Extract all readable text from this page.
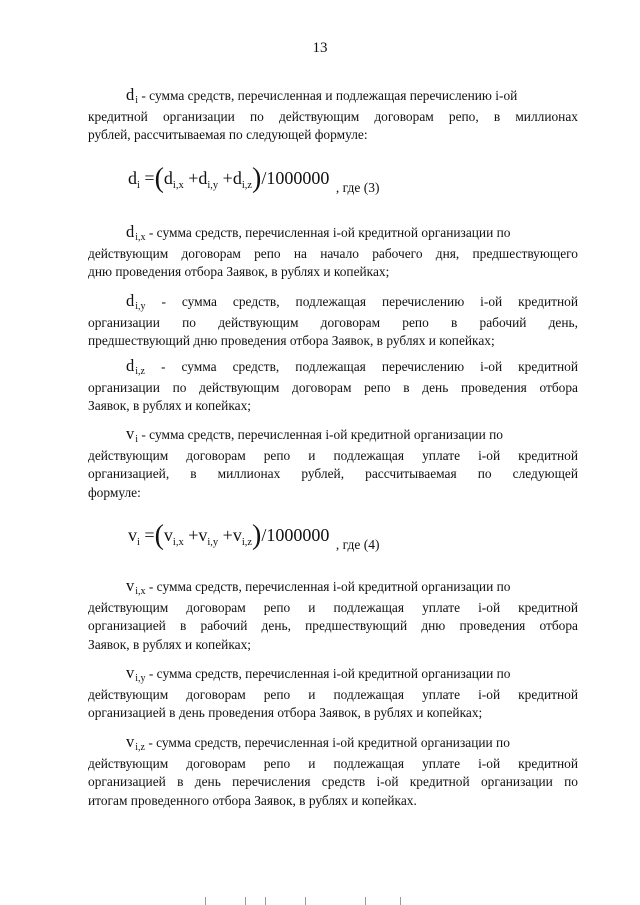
13
$d_i$ - сумма средств, перечисленная и подлежащая перечислению i-ой
кредитной организации по действующим договорам репо, в миллионах
рублей, рассчитываемая по следующей формуле:
$d_i =(d_{i,x} +d_{i,y} +d_{i,z})/1000000$ $_{, где (3)}$
$d_{i,x}$ - сумма средств, перечисленная i-ой кредитной организации по
действующим договорам репо на начало рабочего дня, предшествующего
дню проведения отбора Заявок, в рублях и копейках;
$d_{i,y}$ - сумма средств, подлежащая перечислению i-ой кредитной
организации по действующим договорам репо в рабочий день,
предшествующий дню проведения отбора Заявок, в рублях и копейках;
$d_{i,z}$ - сумма средств, подлежащая перечислению i-ой кредитной
организации по действующим договорам репо в день проведения отбора
Заявок, в рублях и копейках;
$v_i$ - сумма средств, перечисленная i-ой кредитной организации по
действующим договорам репо и подлежащая уплате i-ой кредитной
организацией, в миллионах рублей, рассчитываемая по следующей
формуле:
$v_i =(v_{i,x} +v_{i,y} +v_{i,z})/1000000$ $_{, где (4)}$
$v_{i,x}$ - сумма средств, перечисленная i-ой кредитной организации по
действующим договорам репо и подлежащая уплате i-ой кредитной
организацией в рабочий день, предшествующий дню проведения отбора
Заявок, в рублях и копейках;
$v_{i,y}$ - сумма средств, перечисленная i-ой кредитной организации по
действующим договорам репо и подлежащая уплате i-ой кредитной
организацией в день проведения отбора Заявок, в рублях и копейках;
$v_{i,z}$ - сумма средств, перечисленная i-ой кредитной организации по
действующим договорам репо и подлежащая уплате i-ой кредитной
организацией в день перечисления средств i-ой кредитной организации по
итогам проведенного отбора Заявок, в рублях и копейках.
